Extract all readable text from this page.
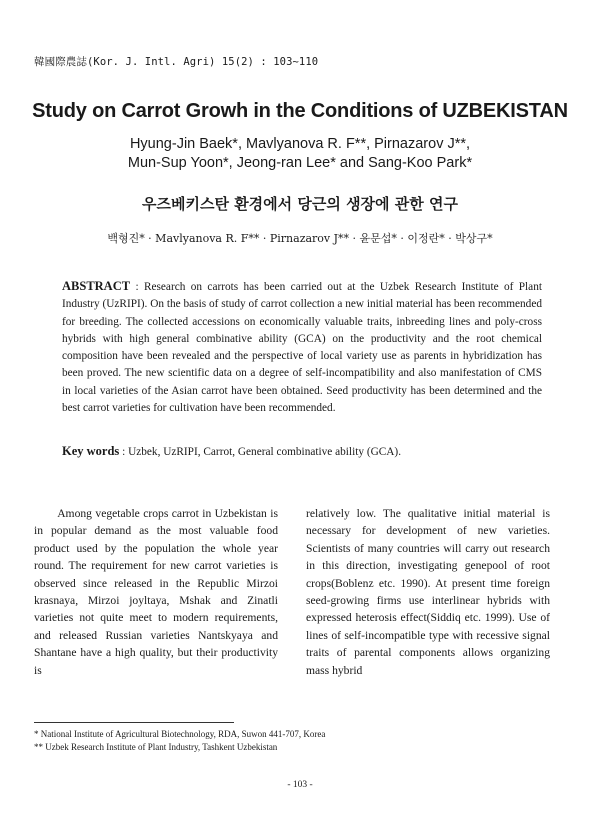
韓國際農誌(Kor. J. Intl. Agri) 15(2) : 103~110
Study on Carrot Growh in the Conditions of UZBEKISTAN
Hyung-Jin Baek*, Mavlyanova R. F**, Pirnazarov J**,
Mun-Sup Yoon*, Jeong-ran Lee* and Sang-Koo Park*
우즈베키스탄 환경에서 당근의 생장에 관한 연구
백형진* · Mavlyanova R. F** · Pirnazarov J** · 윤문섭* · 이정란* · 박상구*
ABSTRACT : Research on carrots has been carried out at the Uzbek Research Institute of Plant Industry (UzRIPI). On the basis of study of carrot collection a new initial material has been recommended for breeding. The collected accessions on economically valuable traits, inbreeding lines and poly-cross hybrids with high general combinative ability (GCA) on the productivity and the root chemical composition have been revealed and the perspective of local variety use as parents in hybridization has been proved. The new scientific data on a degree of self-incompatibility and also manifestation of CMS in local varieties of the Asian carrot have been obtained. Seed productivity has been determined and the best carrot varieties for cultivation have been recommended.
Key words : Uzbek, UzRIPI, Carrot, General combinative ability (GCA).

Among vegetable crops carrot in Uzbekistan is in popular demand as the most valuable food product used by the population the whole year round. The requirement for new carrot varieties is observed since released in the Republic Mirzoi krasnaya, Mirzoi joyltaya, Mshak and Zinatli varieties not quite meet to modern requirements, and released Russian varieties Nantskyaya and Shantane have a high quality, but their productivity is

relatively low. The qualitative initial material is necessary for development of new varieties. Scientists of many countries will carry out research in this direction, investigating genepool of root crops(Boblenz etc. 1990). At present time foreign seed-growing firms use interlinear hybrids with expressed heterosis effect(Siddiq etc. 1999). Use of lines of self-incompatible type with recessive signal traits of parental components allows organizing mass hybrid

* National Institute of Agricultural Biotechnology, RDA, Suwon 441-707, Korea
** Uzbek Research Institute of Plant Industry, Tashkent Uzbekistan
- 103 -
